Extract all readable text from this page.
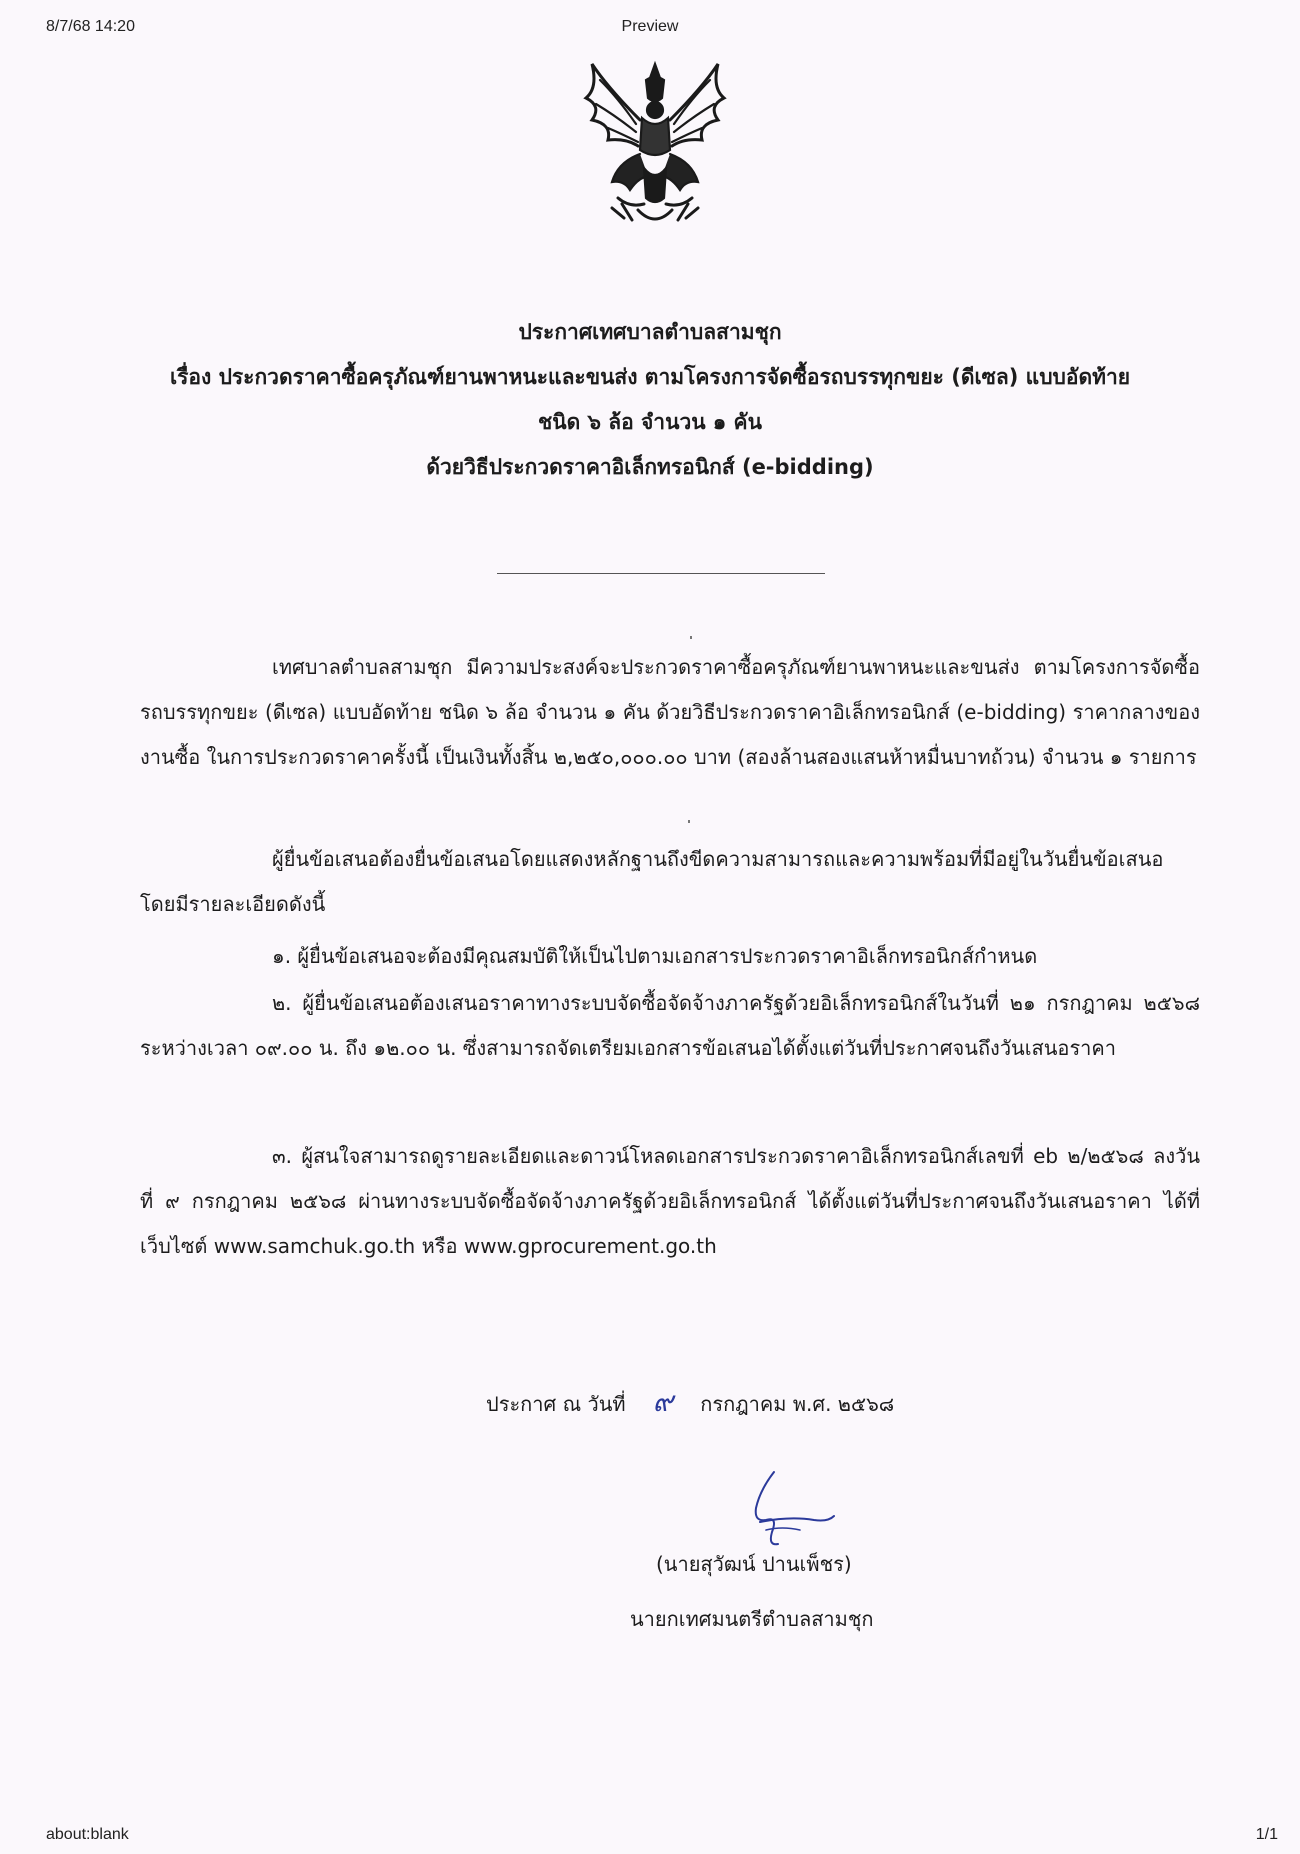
8/7/68 14:20	Preview
ประกาศเทศบาลตำบลสามชุก
เรื่อง ประกวดราคาซื้อครุภัณฑ์ยานพาหนะและขนส่ง ตามโครงการจัดซื้อรถบรรทุกขยะ (ดีเซล) แบบอัดท้าย
ชนิด ๖ ล้อ จำนวน ๑ คัน
ด้วยวิธีประกวดราคาอิเล็กทรอนิกส์ (e-bidding)
เทศบาลตำบลสามชุก มีความประสงค์จะประกวดราคาซื้อครุภัณฑ์ยานพาหนะและขนส่ง ตามโครงการจัดซื้อรถบรรทุกขยะ (ดีเซล) แบบอัดท้าย ชนิด ๖ ล้อ จำนวน ๑ คัน ด้วยวิธีประกวดราคาอิเล็กทรอนิกส์ (e-bidding) ราคากลางของงานซื้อ ในการประกวดราคาครั้งนี้ เป็นเงินทั้งสิ้น ๒,๒๕๐,๐๐๐.๐๐ บาท (สองล้านสองแสนห้าหมื่นบาทถ้วน) จำนวน ๑ รายการ
ผู้ยื่นข้อเสนอต้องยื่นข้อเสนอโดยแสดงหลักฐานถึงขีดความสามารถและความพร้อมที่มีอยู่ในวันยื่นข้อเสนอ โดยมีรายละเอียดดังนี้
๑. ผู้ยื่นข้อเสนอจะต้องมีคุณสมบัติให้เป็นไปตามเอกสารประกวดราคาอิเล็กทรอนิกส์กำหนด
๒. ผู้ยื่นข้อเสนอต้องเสนอราคาทางระบบจัดซื้อจัดจ้างภาครัฐด้วยอิเล็กทรอนิกส์ในวันที่ ๒๑ กรกฎาคม ๒๕๖๘ ระหว่างเวลา ๐๙.๐๐ น. ถึง ๑๒.๐๐ น. ซึ่งสามารถจัดเตรียมเอกสารข้อเสนอได้ตั้งแต่วันที่ประกาศจนถึงวันเสนอราคา
๓. ผู้สนใจสามารถดูรายละเอียดและดาวน์โหลดเอกสารประกวดราคาอิเล็กทรอนิกส์เลขที่ eb ๒/๒๕๖๘ ลงวันที่ ๙ กรกฎาคม ๒๕๖๘ ผ่านทางระบบจัดซื้อจัดจ้างภาครัฐด้วยอิเล็กทรอนิกส์ ได้ตั้งแต่วันที่ประกาศจนถึงวันเสนอราคา ได้ที่เว็บไซต์ www.samchuk.go.th หรือ www.gprocurement.go.th
ประกาศ ณ วันที่ ๙ กรกฎาคม พ.ศ. ๒๕๖๘
(นายสุวัฒน์ ปานเพ็ชร)
นายกเทศมนตรีตำบลสามชุก
about:blank	1/1
